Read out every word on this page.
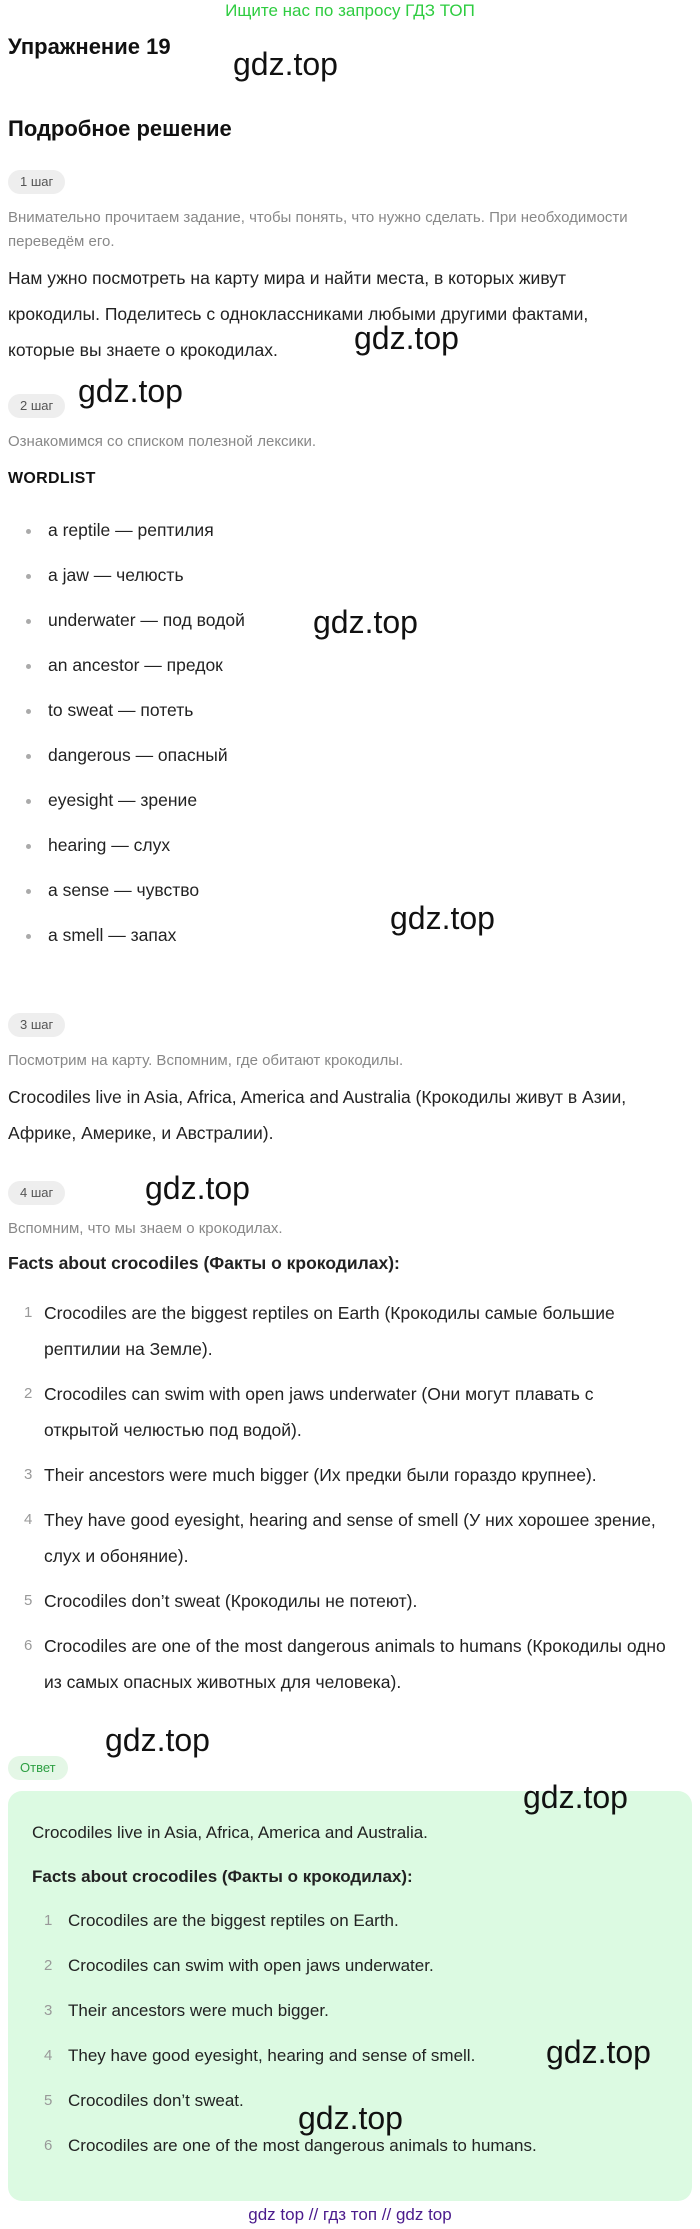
Ищите нас по запросу ГДЗ ТОП
Упражнение 19
Подробное решение
1 шаг

Внимательно прочитаем задание, чтобы понять, что нужно сделать. При необходимости переведём его.

Нам ужно посмотреть на карту мира и найти места, в которых живут крокодилы. Поделитесь с одноклассниками любыми другими фактами, которые вы знаете о крокодилах.

2 шаг

Ознакомимся со списком полезной лексики.

WORDLIST

a reptile — рептилия
a jaw — челюсть
underwater — под водой
an ancestor — предок
to sweat — потеть
dangerous — опасный
eyesight — зрение
hearing — слух
a sense — чувство
a smell — запах
3 шаг

Посмотрим на карту. Вспомним, где обитают крокодилы.

Crocodiles live in Asia, Africa, America and Australia (Крокодилы живут в Азии, Африке, Америке, и Австралии).

4 шаг

Вспомним, что мы знаем о крокодилах.

Facts about crocodiles (Факты о крокодилах):

1 Crocodiles are the biggest reptiles on Earth (Крокодилы самые большие рептилии на Земле).
2 Crocodiles can swim with open jaws underwater (Они могут плавать с открытой челюстью под водой).
3 Their ancestors were much bigger (Их предки были гораздо крупнее).
4 They have good eyesight, hearing and sense of smell (У них хорошее зрение, слух и обоняние).
5 Crocodiles don’t sweat (Крокодилы не потеют).
6 Crocodiles are one of the most dangerous animals to humans (Крокодилы одно из самых опасных животных для человека).
Ответ

Crocodiles live in Asia, Africa, America and Australia.

Facts about crocodiles (Факты о крокодилах):

1 Crocodiles are the biggest reptiles on Earth.
2 Crocodiles can swim with open jaws underwater.
3 Their ancestors were much bigger.
4 They have good eyesight, hearing and sense of smell.
5 Crocodiles don’t sweat.
6 Crocodiles are one of the most dangerous animals to humans.
gdz.top
gdz.top
gdz.top
gdz.top
gdz.top
gdz.top
gdz.top
gdz.top
gdz.top
gdz.top
gdz top // гдз топ // gdz top
